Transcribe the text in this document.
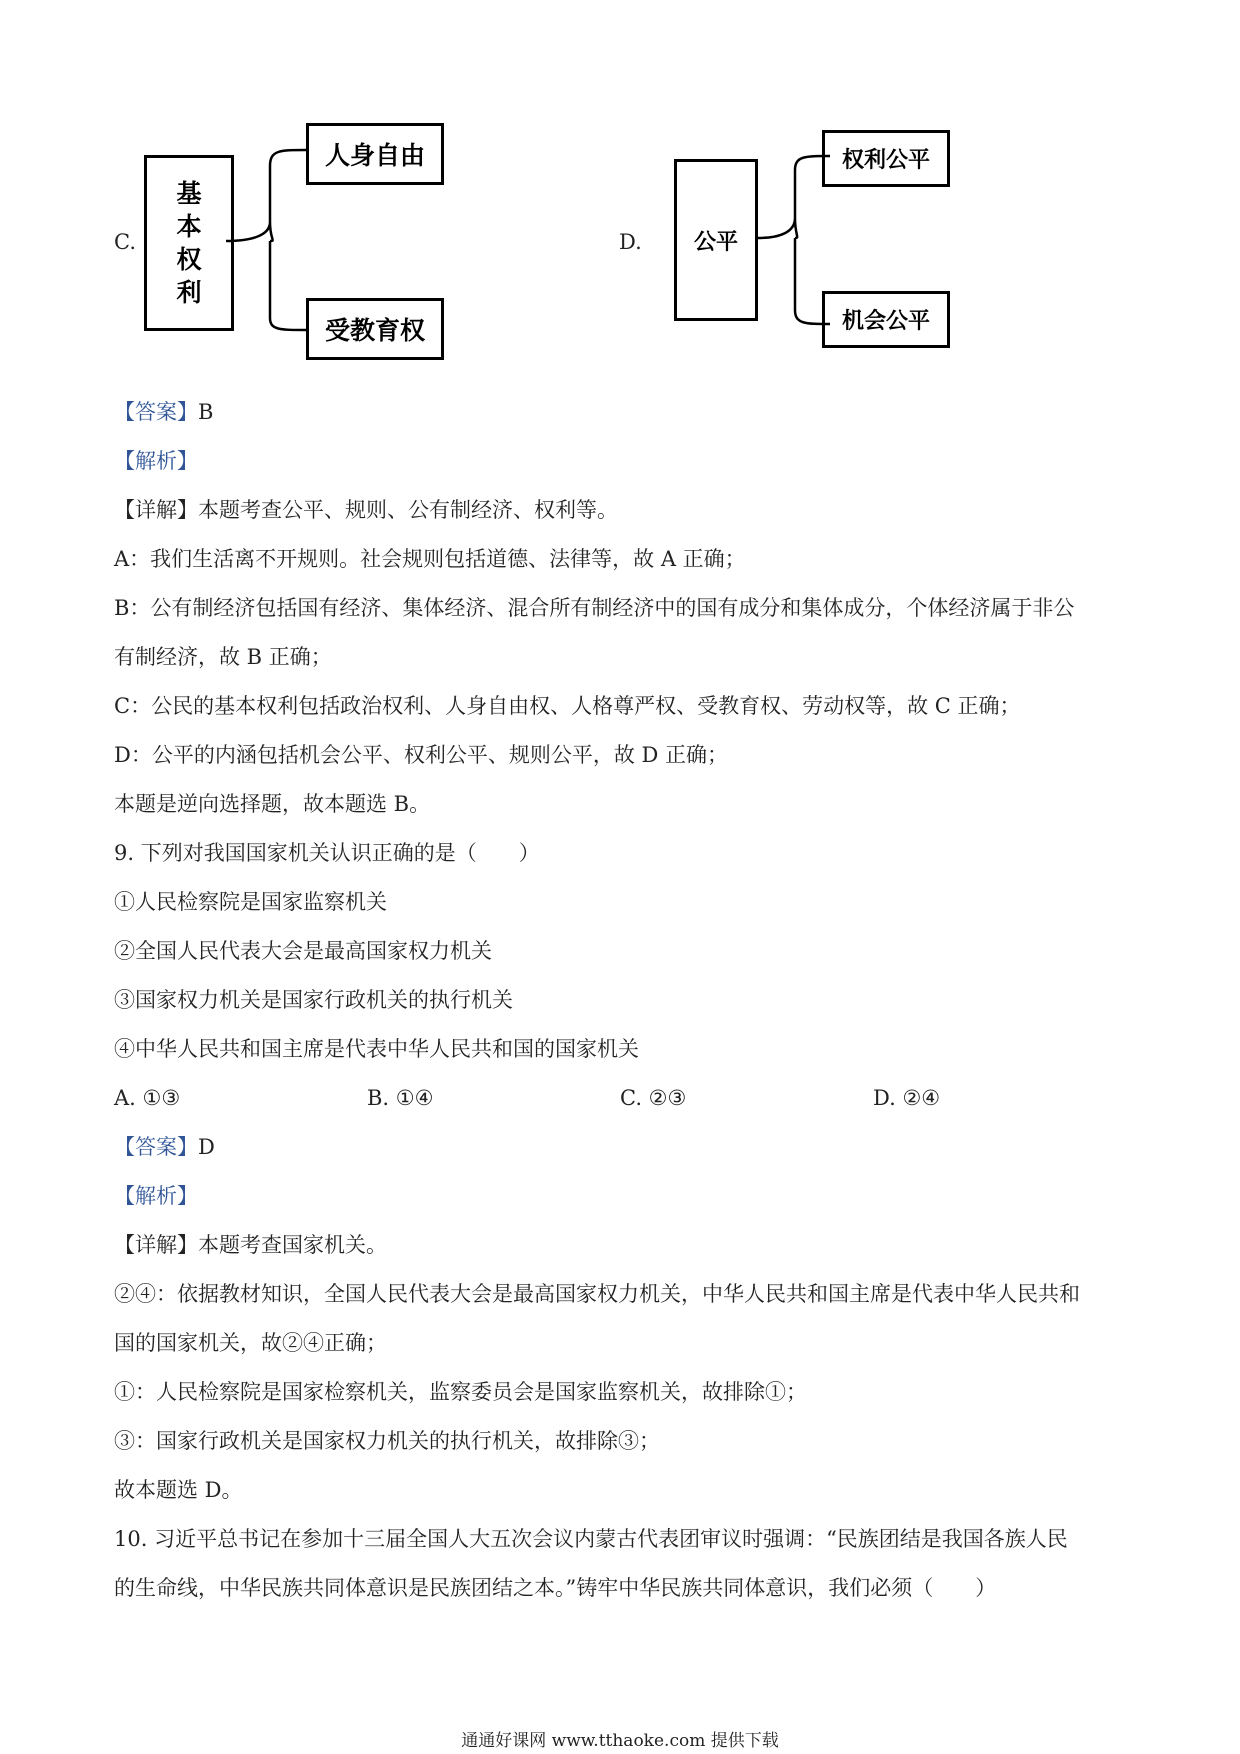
C.
基
本
权
利
人身自由
受教育权
D.	公平
权利公平
机会公平
【答案】B
【解析】
【详解】本题考查公平、规则、公有制经济、权利等。
A：我们生活离不开规则。社会规则包括道德、法律等，故 A 正确；
B：公有制经济包括国有经济、集体经济、混合所有制经济中的国有成分和集体成分，个体经济属于非公
有制经济，故 B 正确；
C：公民的基本权利包括政治权利、人身自由权、人格尊严权、受教育权、劳动权等，故 C 正确；
D：公平的内涵包括机会公平、权利公平、规则公平，故 D 正确；
本题是逆向选择题，故本题选 B。
9. 下列对我国国家机关认识正确的是（　　）
①人民检察院是国家监察机关
②全国人民代表大会是最高国家权力机关
③国家权力机关是国家行政机关的执行机关
④中华人民共和国主席是代表中华人民共和国的国家机关
A. ①③	B. ①④	C. ②③	D. ②④
【答案】D
【解析】
【详解】本题考查国家机关。
②④：依据教材知识，全国人民代表大会是最高国家权力机关，中华人民共和国主席是代表中华人民共和
国的国家机关，故②④正确；
①：人民检察院是国家检察机关，监察委员会是国家监察机关，故排除①；
③：国家行政机关是国家权力机关的执行机关，故排除③；
故本题选 D。
10. 习近平总书记在参加十三届全国人大五次会议内蒙古代表团审议时强调：“民族团结是我国各族人民
的生命线，中华民族共同体意识是民族团结之本。”铸牢中华民族共同体意识，我们必须（　　）
通通好课网 www.tthaoke.com 提供下载
